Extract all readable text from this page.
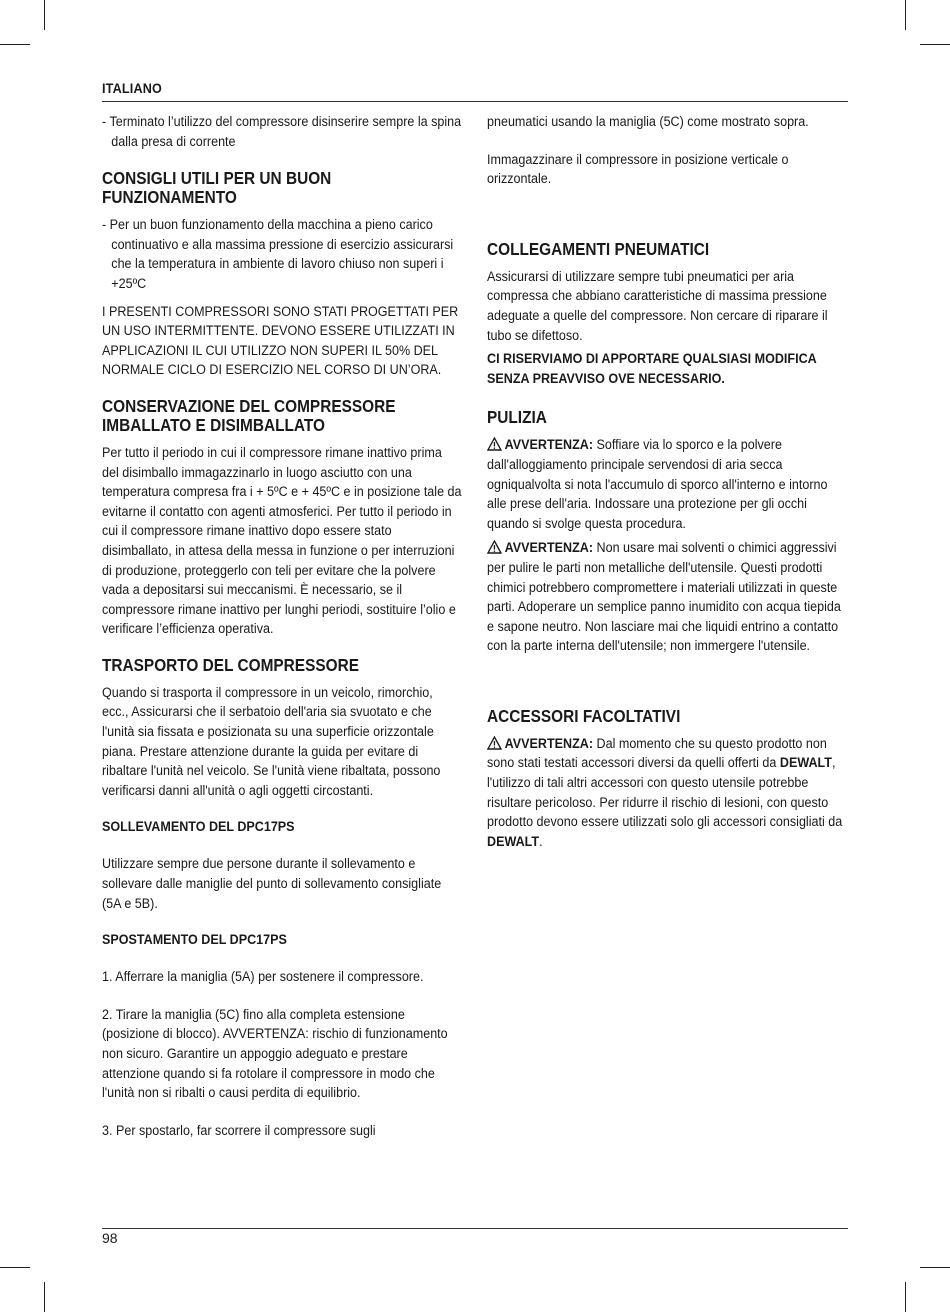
ITALIANO

- Terminato l’utilizzo del compressore disinserire sempre la spina dalla presa di corrente

CONSIGLI UTILI PER UN BUON FUNZIONAMENTO

- Per un buon funzionamento della macchina a pieno carico continuativo e alla massima pressione di esercizio assicurarsi che la temperatura in ambiente di lavoro chiuso non superi i +25ºC

I PRESENTI COMPRESSORI SONO STATI PROGETTATI PER UN USO INTERMITTENTE. DEVONO ESSERE UTILIZZATI IN APPLICAZIONI IL CUI UTILIZZO NON SUPERI IL 50% DEL NORMALE CICLO DI ESERCIZIO NEL CORSO DI UN’ORA.

CONSERVAZIONE DEL COMPRESSORE IMBALLATO E DISIMBALLATO

Per tutto il periodo in cui il compressore rimane inattivo prima del disimballo immagazzinarlo in luogo asciutto con una temperatura compresa fra i + 5ºC e + 45ºC e in posizione tale da evitarne il contatto con agenti atmosferici. Per tutto il periodo in cui il compressore rimane inattivo dopo essere stato disimballato, in attesa della messa in funzione o per interruzioni di produzione, proteggerlo con teli per evitare che la polvere vada a depositarsi sui meccanismi. È necessario, se il compressore rimane inattivo per lunghi periodi, sostituire l’olio e verificare l’efficienza operativa.

TRASPORTO DEL COMPRESSORE

Quando si trasporta il compressore in un veicolo, rimorchio, ecc., Assicurarsi che il serbatoio dell'aria sia svuotato e che l'unità sia fissata e posizionata su una superficie orizzontale piana. Prestare attenzione durante la guida per evitare di ribaltare l'unità nel veicolo. Se l'unità viene ribaltata, possono verificarsi danni all'unità o agli oggetti circostanti.

SOLLEVAMENTO DEL DPC17PS

Utilizzare sempre due persone durante il sollevamento e sollevare dalle maniglie del punto di sollevamento consigliate (5A e 5B).

SPOSTAMENTO DEL DPC17PS

1. Afferrare la maniglia (5A) per sostenere il compressore.

2. Tirare la maniglia (5C) fino alla completa estensione (posizione di blocco). AVVERTENZA: rischio di funzionamento non sicuro. Garantire un appoggio adeguato e prestare attenzione quando si fa rotolare il compressore in modo che l'unità non si ribalti o causi perdita di equilibrio.

3. Per spostarlo, far scorrere il compressore sugli

pneumatici usando la maniglia (5C) come mostrato sopra.

Immagazzinare il compressore in posizione verticale o orizzontale.

COLLEGAMENTI PNEUMATICI

Assicurarsi di utilizzare sempre tubi pneumatici per aria compressa che abbiano caratteristiche di massima pressione adeguate a quelle del compressore. Non cercare di riparare il tubo se difettoso.

CI RISERVIAMO DI APPORTARE QUALSIASI MODIFICA SENZA PREAVVISO OVE NECESSARIO.

PULIZIA

AVVERTENZA: Soffiare via lo sporco e la polvere dall'alloggiamento principale servendosi di aria secca ogniqualvolta si nota l'accumulo di sporco all'interno e intorno alle prese dell'aria. Indossare una protezione per gli occhi quando si svolge questa procedura.

AVVERTENZA: Non usare mai solventi o chimici aggressivi per pulire le parti non metalliche dell'utensile. Questi prodotti chimici potrebbero compromettere i materiali utilizzati in queste parti. Adoperare un semplice panno inumidito con acqua tiepida e sapone neutro. Non lasciare mai che liquidi entrino a contatto con la parte interna dell'utensile; non immergere l'utensile.

ACCESSORI FACOLTATIVI

AVVERTENZA: Dal momento che su questo prodotto non sono stati testati accessori diversi da quelli offerti da DEWALT, l'utilizzo di tali altri accessori con questo utensile potrebbe risultare pericoloso. Per ridurre il rischio di lesioni, con questo prodotto devono essere utilizzati solo gli accessori consigliati da DEWALT.

98
